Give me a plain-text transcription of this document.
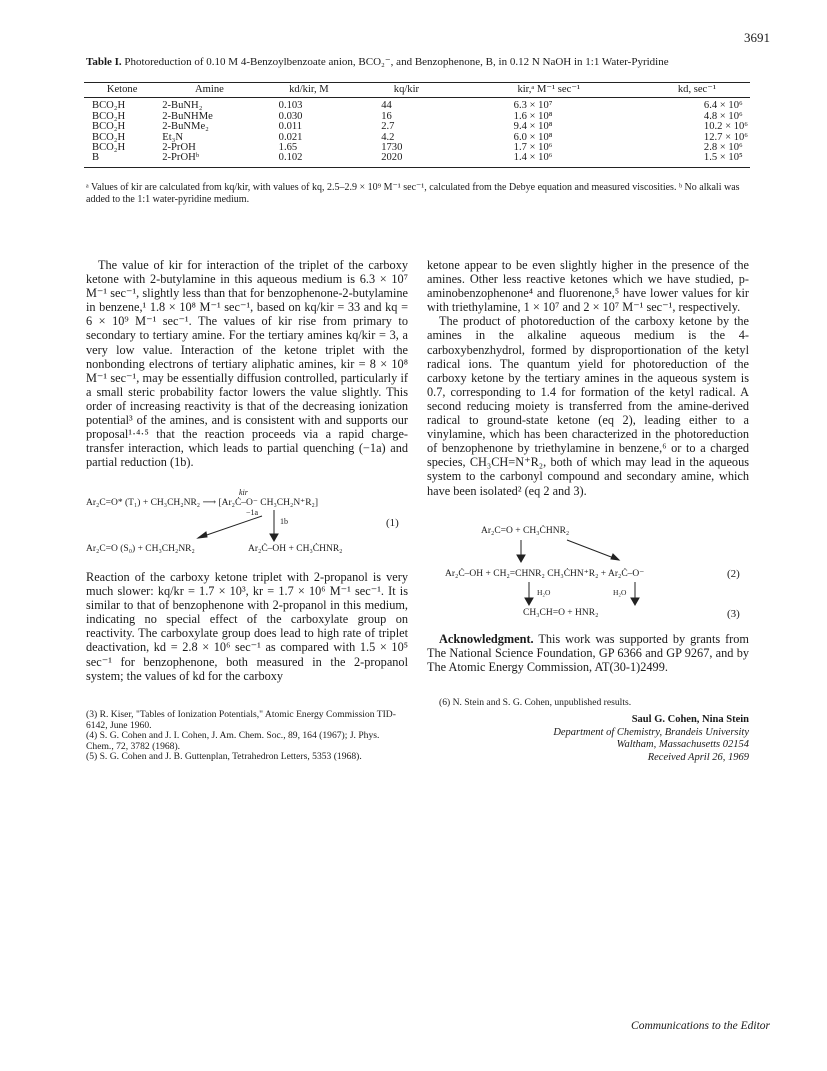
3691
Table I. Photoreduction of 0.10 M 4-Benzoylbenzoate anion, BCO₂⁻, and Benzophenone, B, in 0.12 N NaOH in 1:1 Water-Pyridine
Ketone	Amine	kd/kir, M	kq/kir	kir,ᵃ M⁻¹ sec⁻¹	kd, sec⁻¹
BCO₂H	2-BuNH₂	0.103	44	6.3 × 10⁷	6.4 × 10⁶
BCO₂H	2-BuNHMe	0.030	16	1.6 × 10⁸	4.8 × 10⁶
BCO₂H	2-BuNMe₂	0.011	2.7	9.4 × 10⁸	10.2 × 10⁶
BCO₂H	Et₃N	0.021	4.2	6.0 × 10⁸	12.7 × 10⁶
BCO₂H	2-PrOH	1.65	1730	1.7 × 10⁶	2.8 × 10⁶
B	2-PrOHᵇ	0.102	2020	1.4 × 10⁶	1.5 × 10⁵
ᵃ Values of kir are calculated from kq/kir, with values of kq, 2.5–2.9 × 10⁹ M⁻¹ sec⁻¹, calculated from the Debye equation and measured viscosities. ᵇ No alkali was added to the 1:1 water-pyridine medium.

The value of kir for interaction of the triplet of the carboxy ketone with 2-butylamine in this aqueous medium is 6.3 × 10⁷ M⁻¹ sec⁻¹, slightly less than that for benzophenone-2-butylamine in benzene,¹ 1.8 × 10⁸ M⁻¹ sec⁻¹, based on kq/kir = 33 and kq = 6 × 10⁹ M⁻¹ sec⁻¹. The values of kir rise from primary to secondary to tertiary amine. For the tertiary amines kq/kir = 3, a very low value. Interaction of the ketone triplet with the nonbonding electrons of tertiary aliphatic amines, kir = 8 × 10⁸ M⁻¹ sec⁻¹, may be essentially diffusion controlled, particularly if a small steric probability factor lowers the value slightly. This order of increasing reactivity is that of the decreasing ionization potential³ of the amines, and is consistent with and supports our proposal¹·⁴·⁵ that the reaction proceeds via a rapid charge-transfer interaction, which leads to partial quenching (−1a) and partial reduction (1b).

kir
Ar₂C=O* (T₁) + CH₃CH₂NR₂ ⟶ [Ar₂Ċ–O⁻ CH₃CH₂N⁺R₂]
−1a
1b	(1)
Ar₂C=O (S₀) + CH₃CH₂NR₂	Ar₂Ċ–OH + CH₃ĊHNR₂

Reaction of the carboxy ketone triplet with 2-propanol is very much slower: kq/kr = 1.7 × 10³, kr = 1.7 × 10⁶ M⁻¹ sec⁻¹. It is similar to that of benzophenone with 2-propanol in this medium, indicating no special effect of the carboxylate group on reactivity. The carboxylate group does lead to high rate of triplet deactivation, kd = 2.8 × 10⁶ sec⁻¹ as compared with 1.5 × 10⁵ sec⁻¹ for benzophenone, both measured in the 2-propanol system; the values of kd for the carboxy

(3) R. Kiser, "Tables of Ionization Potentials," Atomic Energy Commission TID-6142, June 1960.
(4) S. G. Cohen and J. I. Cohen, J. Am. Chem. Soc., 89, 164 (1967); J. Phys. Chem., 72, 3782 (1968).
(5) S. G. Cohen and J. B. Guttenplan, Tetrahedron Letters, 5353 (1968).

ketone appear to be even slightly higher in the presence of the amines. Other less reactive ketones which we have studied, p-aminobenzophenone⁴ and fluorenone,⁵ have lower values for kir with triethylamine, 1 × 10⁷ and 2 × 10⁷ M⁻¹ sec⁻¹, respectively.

The product of photoreduction of the carboxy ketone by the amines in the alkaline aqueous medium is the 4-carboxybenzhydrol, formed by disproportionation of the ketyl radical ions. The quantum yield for photoreduction of the carboxy ketone by the tertiary amines in the aqueous system is 0.7, corresponding to 1.4 for formation of the ketyl radical. A second reducing moiety is transferred from the amine-derived radical to ground-state ketone (eq 2), leading either to a vinylamine, which has been characterized in the photoreduction of benzophenone by triethylamine in benzene,⁶ or to a charged species, CH₃CH=N⁺R₂, both of which may lead in the aqueous system to the carbonyl compound and secondary amine, which have been isolated² (eq 2 and 3).

Ar₂C=O + CH₃ĊHNR₂
Ar₂Ċ–OH + CH₂=CHNR₂ CH₃ĊHN⁺R₂ + Ar₂Ċ–O⁻	(2)
H₂O	H₂O
CH₃CH=O + HNR₂	(3)

Acknowledgment. This work was supported by grants from The National Science Foundation, GP 6366 and GP 9267, and by The Atomic Energy Commission, AT(30-1)2499.

(6) N. Stein and S. G. Cohen, unpublished results.
Saul G. Cohen, Nina Stein
Department of Chemistry, Brandeis University
Waltham, Massachusetts 02154
Received April 26, 1969
Communications to the Editor
